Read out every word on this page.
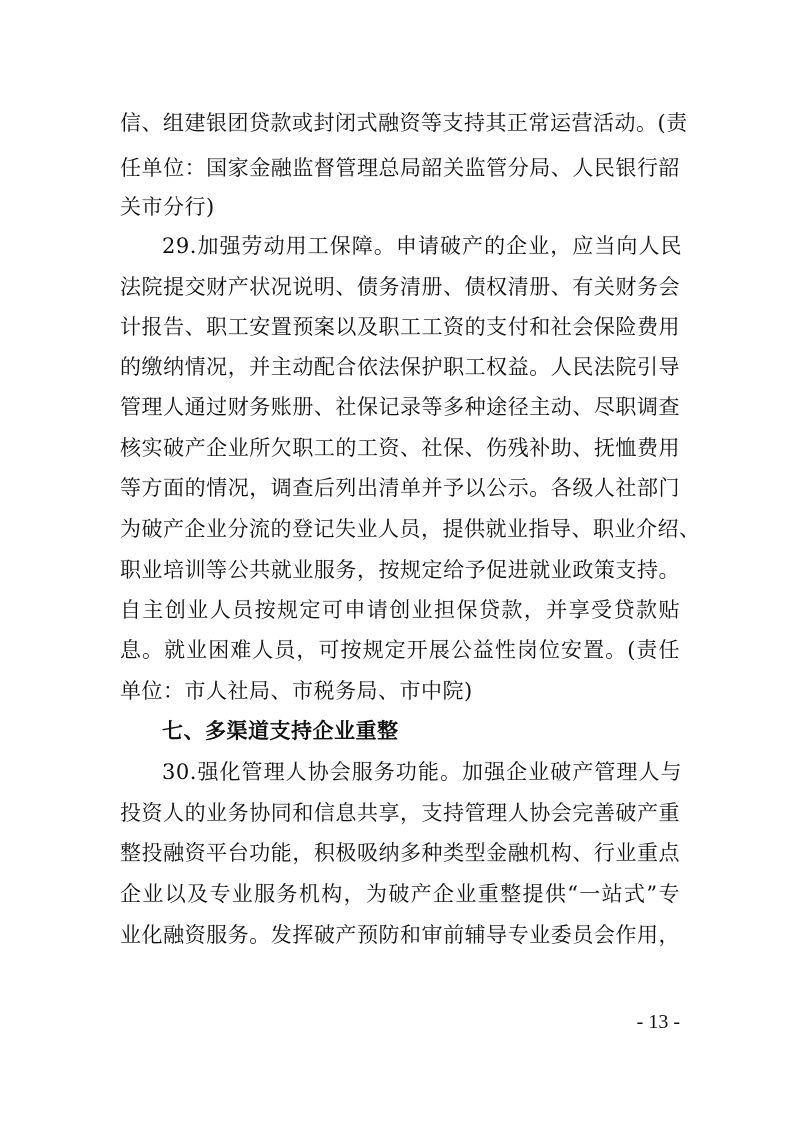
信、组建银团贷款或封闭式融资等支持其正常运营活动。(责
任单位：国家金融监督管理总局韶关监管分局、人民银行韶
关市分行)
29.加强劳动用工保障。申请破产的企业，应当向人民
法院提交财产状况说明、债务清册、债权清册、有关财务会
计报告、职工安置预案以及职工工资的支付和社会保险费用
的缴纳情况，并主动配合依法保护职工权益。人民法院引导
管理人通过财务账册、社保记录等多种途径主动、尽职调查
核实破产企业所欠职工的工资、社保、伤残补助、抚恤费用
等方面的情况，调查后列出清单并予以公示。各级人社部门
为破产企业分流的登记失业人员，提供就业指导、职业介绍、
职业培训等公共就业服务，按规定给予促进就业政策支持。
自主创业人员按规定可申请创业担保贷款，并享受贷款贴
息。就业困难人员，可按规定开展公益性岗位安置。(责任
单位：市人社局、市税务局、市中院)
七、多渠道支持企业重整
30.强化管理人协会服务功能。加强企业破产管理人与
投资人的业务协同和信息共享，支持管理人协会完善破产重
整投融资平台功能，积极吸纳多种类型金融机构、行业重点
企业以及专业服务机构，为破产企业重整提供“一站式”专
业化融资服务。发挥破产预防和审前辅导专业委员会作用，
- 13 -
